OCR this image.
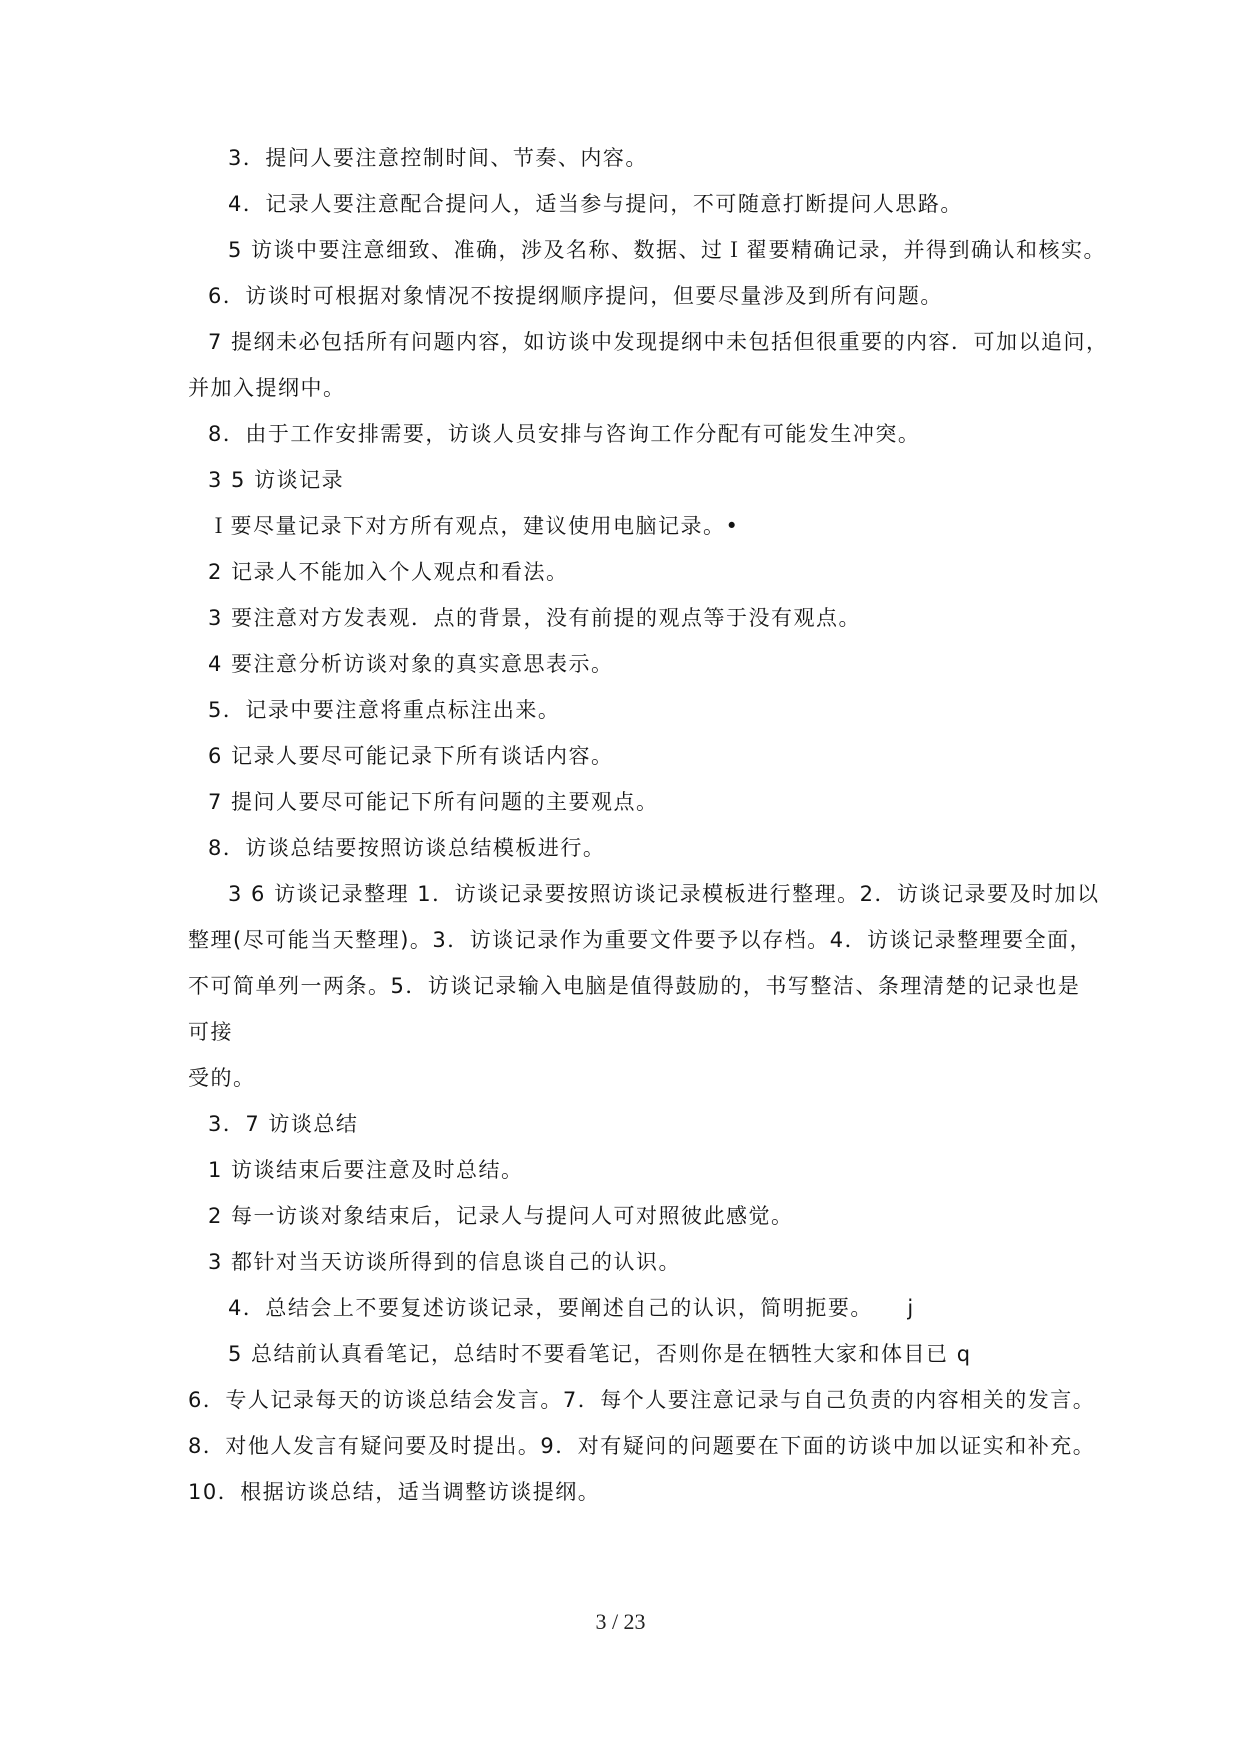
3．提问人要注意控制时间、节奏、内容。
4．记录人要注意配合提问人，适当参与提问，不可随意打断提问人思路。
5 访谈中要注意细致、准确，涉及名称、数据、过Ｉ翟要精确记录，并得到确认和核实。
6．访谈时可根据对象情况不按提纲顺序提问，但要尽量涉及到所有问题。
7 提纲未必包括所有问题内容，如访谈中发现提纲中未包括但很重要的内容．可加以追问，
并加入提纲中。
8．由于工作安排需要，访谈人员安排与咨询工作分配有可能发生冲突。
3 5 访谈记录
Ｉ要尽量记录下对方所有观点，建议使用电脑记录。•
2 记录人不能加入个人观点和看法。
3 要注意对方发表观．点的背景，没有前提的观点等于没有观点。
4 要注意分析访谈对象的真实意思表示。
5．记录中要注意将重点标注出来。
6 记录人要尽可能记录下所有谈话内容。
7 提问人要尽可能记下所有问题的主要观点。
8．访谈总结要按照访谈总结模板进行。
3 6 访谈记录整理 1．访谈记录要按照访谈记录模板进行整理。2．访谈记录要及时加以
整理(尽可能当天整理)。3．访谈记录作为重要文件要予以存档。4．访谈记录整理要全面，
不可简单列一两条。5．访谈记录输入电脑是值得鼓励的，书写整洁、条理清楚的记录也是
可接
受的。
3．7 访谈总结
1 访谈结束后要注意及时总结。
2 每一访谈对象结束后，记录人与提问人可对照彼此感觉。
3 都针对当天访谈所得到的信息谈自己的认识。
4．总结会上不要复述访谈记录，要阐述自己的认识，简明扼要。　　j
5 总结前认真看笔记，总结时不要看笔记，否则你是在牺牲大家和体目已 q
6．专人记录每天的访谈总结会发言。7．每个人要注意记录与自己负责的内容相关的发言。
8．对他人发言有疑问要及时提出。9．对有疑问的问题要在下面的访谈中加以证实和补充。
10．根据访谈总结，适当调整访谈提纲。
3 / 23
